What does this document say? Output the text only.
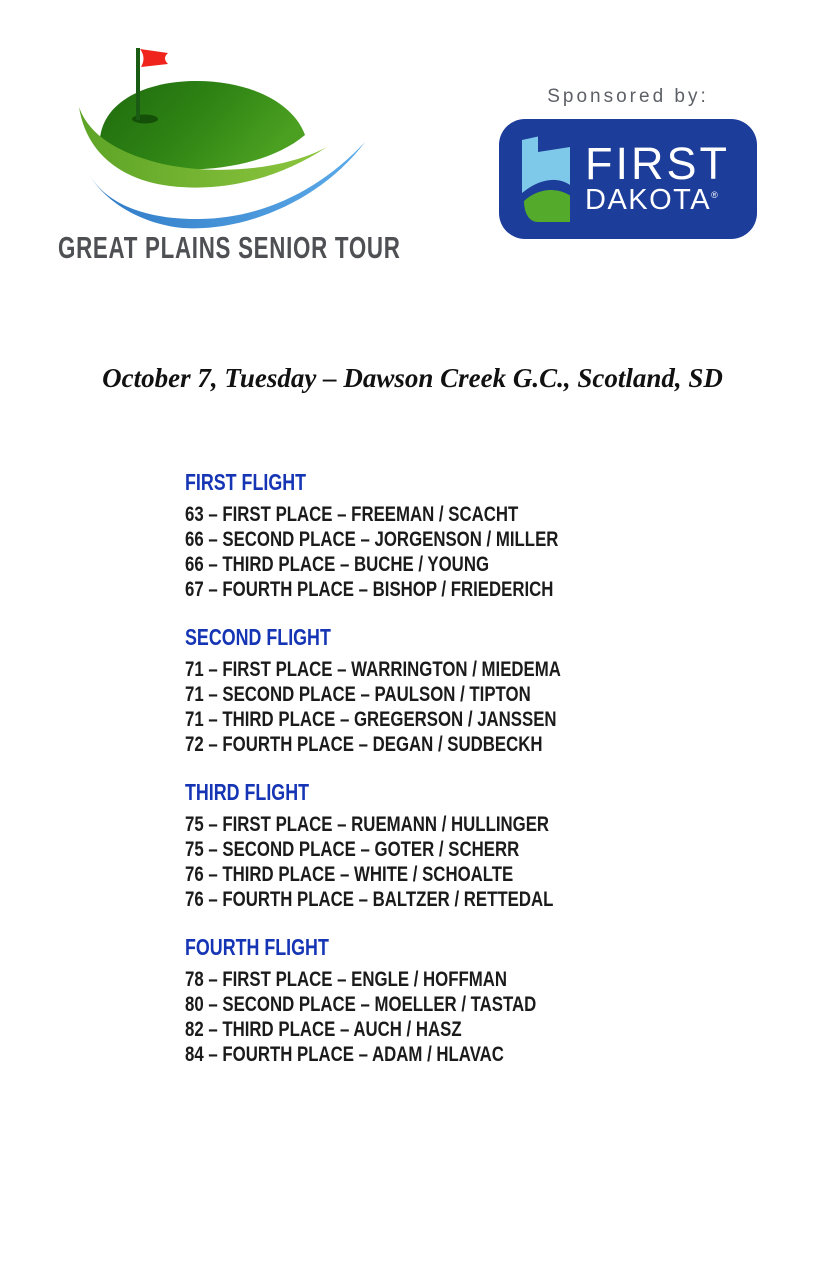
GREAT PLAINS SENIOR TOUR
Sponsored by:
FIRST
DAKOTA®
October 7, Tuesday – Dawson Creek G.C., Scotland, SD
FIRST FLIGHT
63 – FIRST PLACE – FREEMAN / SCACHT
66 – SECOND PLACE – JORGENSON / MILLER
66 – THIRD PLACE – BUCHE / YOUNG
67 – FOURTH PLACE – BISHOP / FRIEDERICH
SECOND FLIGHT
71 – FIRST PLACE – WARRINGTON / MIEDEMA
71 – SECOND PLACE – PAULSON / TIPTON
71 – THIRD PLACE – GREGERSON / JANSSEN
72 – FOURTH PLACE – DEGAN / SUDBECKH
THIRD FLIGHT
75 – FIRST PLACE – RUEMANN / HULLINGER
75 – SECOND PLACE – GOTER / SCHERR
76 – THIRD PLACE – WHITE / SCHOALTE
76 – FOURTH PLACE – BALTZER / RETTEDAL
FOURTH FLIGHT
78 – FIRST PLACE – ENGLE / HOFFMAN
80 – SECOND PLACE – MOELLER / TASTAD
82 – THIRD PLACE – AUCH / HASZ
84 – FOURTH PLACE – ADAM / HLAVAC
